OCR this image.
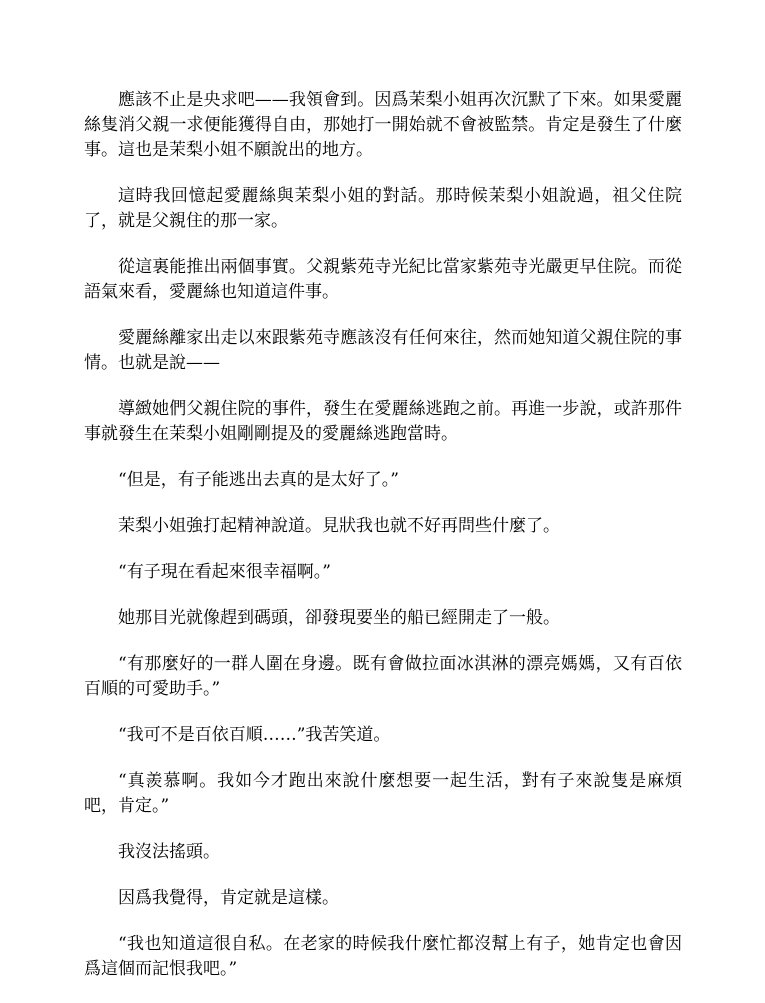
應該不止是央求吧——我領會到。因爲茉梨小姐再次沉默了下來。如果愛麗絲隻消父親一求便能獲得自由，那她打一開始就不會被監禁。肯定是發生了什麼事。這也是茉梨小姐不願說出的地方。

這時我回憶起愛麗絲與茉梨小姐的對話。那時候茉梨小姐說過，祖父住院了，就是父親住的那一家。

從這裏能推出兩個事實。父親紫苑寺光紀比當家紫苑寺光嚴更早住院。而從語氣來看，愛麗絲也知道這件事。

愛麗絲離家出走以來跟紫苑寺應該沒有任何來往，然而她知道父親住院的事情。也就是說——

導緻她們父親住院的事件，發生在愛麗絲逃跑之前。再進一步說，或許那件事就發生在茉梨小姐剛剛提及的愛麗絲逃跑當時。

“但是，有子能逃出去真的是太好了。”

茉梨小姐強打起精神說道。見狀我也就不好再問些什麼了。

“有子現在看起來很幸福啊。”

她那目光就像趕到碼頭，卻發現要坐的船已經開走了一般。

“有那麼好的一群人圍在身邊。既有會做拉面冰淇淋的漂亮媽媽，又有百依百順的可愛助手。”

“我可不是百依百順……”我苦笑道。

“真羨慕啊。我如今才跑出來說什麼想要一起生活，對有子來說隻是麻煩吧，肯定。”

我沒法搖頭。

因爲我覺得，肯定就是這樣。

“我也知道這很自私。在老家的時候我什麼忙都沒幫上有子，她肯定也會因爲這個而記恨我吧。”
